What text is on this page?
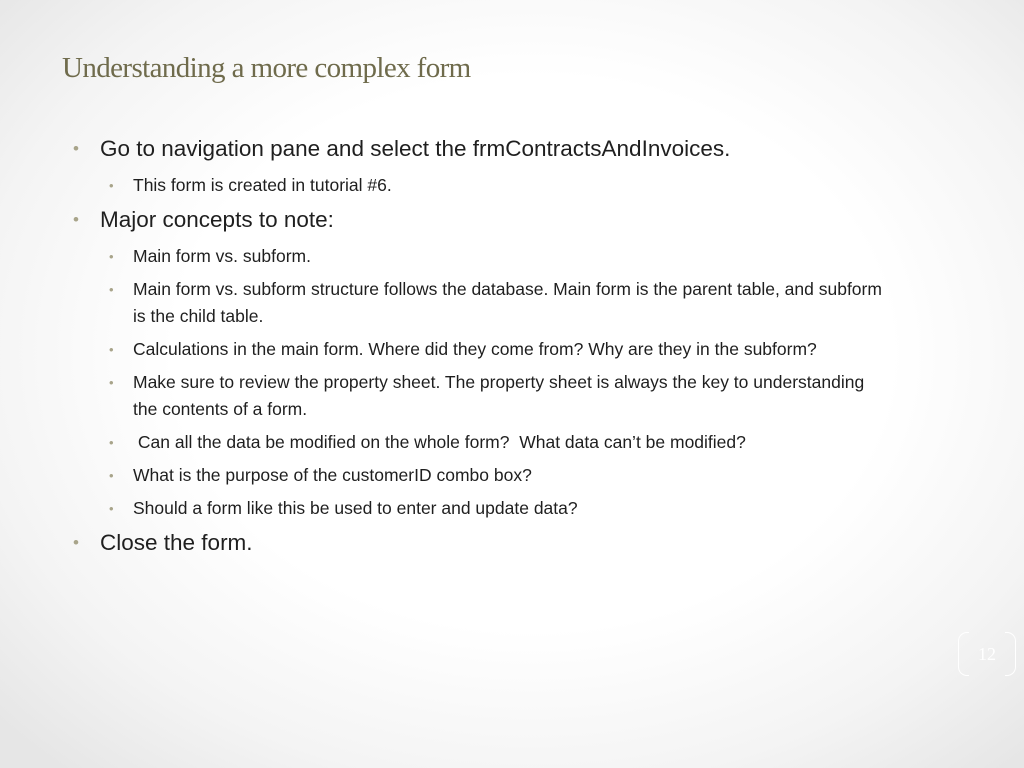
Understanding a more complex form
• Go to navigation pane and select the frmContractsAndInvoices.
• This form is created in tutorial #6.
• Major concepts to note:
• Main form vs. subform.
• Main form vs. subform structure follows the database. Main form is the parent table, and subform is the child table.
• Calculations in the main form. Where did they come from? Why are they in the subform?
• Make sure to review the property sheet. The property sheet is always the key to understanding the contents of a form.
• Can all the data be modified on the whole form?  What data can’t be modified?
• What is the purpose of the customerID combo box?
• Should a form like this be used to enter and update data?
• Close the form.
12
